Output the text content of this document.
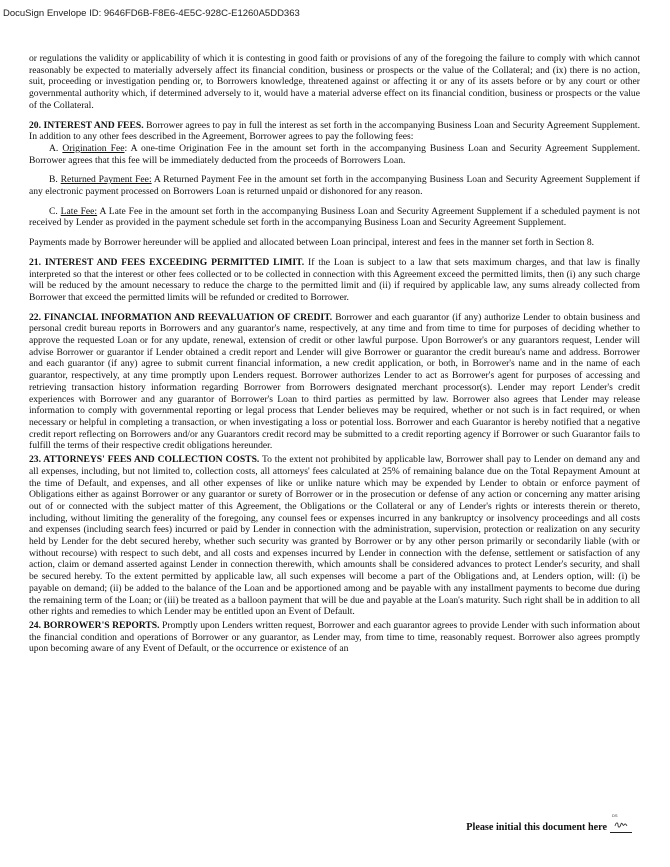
DocuSign Envelope ID: 9646FD6B-F8E6-4E5C-928C-E1260A5DD363

or regulations the validity or applicability of which it is contesting in good faith or provisions of any of the foregoing the failure to comply with which cannot reasonably be expected to materially adversely affect its financial condition, business or prospects or the value of the Collateral; and (ix) there is no action, suit, proceeding or investigation pending or, to Borrowers knowledge, threatened against or affecting it or any of its assets before or by any court or other governmental authority which, if determined adversely to it, would have a material adverse effect on its financial condition, business or prospects or the value of the Collateral.

20. INTEREST AND FEES. Borrower agrees to pay in full the interest as set forth in the accompanying Business Loan and Security Agreement Supplement. In addition to any other fees described in the Agreement, Borrower agrees to pay the following fees:

A. Origination Fee: A one-time Origination Fee in the amount set forth in the accompanying Business Loan and Security Agreement Supplement. Borrower agrees that this fee will be immediately deducted from the proceeds of Borrowers Loan.

B. Returned Payment Fee: A Returned Payment Fee in the amount set forth in the accompanying Business Loan and Security Agreement Supplement if any electronic payment processed on Borrowers Loan is returned unpaid or dishonored for any reason.

C. Late Fee: A Late Fee in the amount set forth in the accompanying Business Loan and Security Agreement Supplement if a scheduled payment is not received by Lender as provided in the payment schedule set forth in the accompanying Business Loan and Security Agreement Supplement.

Payments made by Borrower hereunder will be applied and allocated between Loan principal, interest and fees in the manner set forth in Section 8.

21. INTEREST AND FEES EXCEEDING PERMITTED LIMIT. If the Loan is subject to a law that sets maximum charges, and that law is finally interpreted so that the interest or other fees collected or to be collected in connection with this Agreement exceed the permitted limits, then (i) any such charge will be reduced by the amount necessary to reduce the charge to the permitted limit and (ii) if required by applicable law, any sums already collected from Borrower that exceed the permitted limits will be refunded or credited to Borrower.

22. FINANCIAL INFORMATION AND REEVALUATION OF CREDIT. Borrower and each guarantor (if any) authorize Lender to obtain business and personal credit bureau reports in Borrowers and any guarantor's name, respectively, at any time and from time to time for purposes of deciding whether to approve the requested Loan or for any update, renewal, extension of credit or other lawful purpose. Upon Borrower's or any guarantors request, Lender will advise Borrower or guarantor if Lender obtained a credit report and Lender will give Borrower or guarantor the credit bureau's name and address. Borrower and each guarantor (if any) agree to submit current financial information, a new credit application, or both, in Borrower's name and in the name of each guarantor, respectively, at any time promptly upon Lenders request. Borrower authorizes Lender to act as Borrower's agent for purposes of accessing and retrieving transaction history information regarding Borrower from Borrowers designated merchant processor(s). Lender may report Lender's credit experiences with Borrower and any guarantor of Borrower's Loan to third parties as permitted by law. Borrower also agrees that Lender may release information to comply with governmental reporting or legal process that Lender believes may be required, whether or not such is in fact required, or when necessary or helpful in completing a transaction, or when investigating a loss or potential loss. Borrower and each Guarantor is hereby notified that a negative credit report reflecting on Borrowers and/or any Guarantors credit record may be submitted to a credit reporting agency if Borrower or such Guarantor fails to fulfill the terms of their respective credit obligations hereunder.

23. ATTORNEYS' FEES AND COLLECTION COSTS. To the extent not prohibited by applicable law, Borrower shall pay to Lender on demand any and all expenses, including, but not limited to, collection costs, all attorneys' fees calculated at 25% of remaining balance due on the Total Repayment Amount at the time of Default, and expenses, and all other expenses of like or unlike nature which may be expended by Lender to obtain or enforce payment of Obligations either as against Borrower or any guarantor or surety of Borrower or in the prosecution or defense of any action or concerning any matter arising out of or connected with the subject matter of this Agreement, the Obligations or the Collateral or any of Lender's rights or interests therein or thereto, including, without limiting the generality of the foregoing, any counsel fees or expenses incurred in any bankruptcy or insolvency proceedings and all costs and expenses (including search fees) incurred or paid by Lender in connection with the administration, supervision, protection or realization on any security held by Lender for the debt secured hereby, whether such security was granted by Borrower or by any other person primarily or secondarily liable (with or without recourse) with respect to such debt, and all costs and expenses incurred by Lender in connection with the defense, settlement or satisfaction of any action, claim or demand asserted against Lender in connection therewith, which amounts shall be considered advances to protect Lender's security, and shall be secured hereby. To the extent permitted by applicable law, all such expenses will become a part of the Obligations and, at Lenders option, will: (i) be payable on demand; (ii) be added to the balance of the Loan and be apportioned among and be payable with any installment payments to become due during the remaining term of the Loan; or (iii) be treated as a balloon payment that will be due and payable at the Loan's maturity. Such right shall be in addition to all other rights and remedies to which Lender may be entitled upon an Event of Default.

24. BORROWER'S REPORTS. Promptly upon Lenders written request, Borrower and each guarantor agrees to provide Lender with such information about the financial condition and operations of Borrower or any guarantor, as Lender may, from time to time, reasonably request. Borrower also agrees promptly upon becoming aware of any Event of Default, or the occurrence or existence of an

Please initial this document here
DS
